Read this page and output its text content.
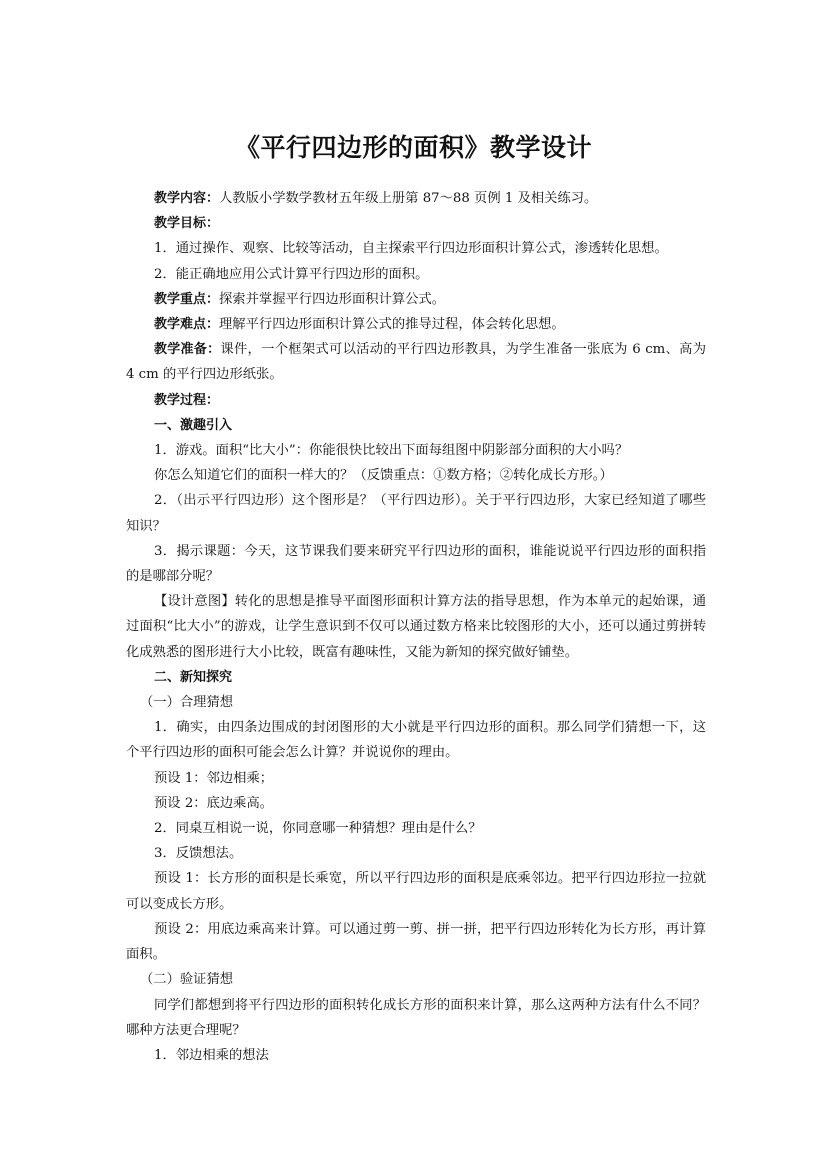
《平行四边形的面积》教学设计

教学内容：人教版小学数学教材五年级上册第 87～88 页例 1 及相关练习。

教学目标：

1．通过操作、观察、比较等活动，自主探索平行四边形面积计算公式，渗透转化思想。

2．能正确地应用公式计算平行四边形的面积。

教学重点：探索并掌握平行四边形面积计算公式。

教学难点：理解平行四边形面积计算公式的推导过程，体会转化思想。

教学准备：课件，一个框架式可以活动的平行四边形教具，为学生准备一张底为 6 cm、高为 4 cm 的平行四边形纸张。

教学过程：

一、激趣引入

1．游戏。面积“比大小”：你能很快比较出下面每组图中阴影部分面积的大小吗？

你怎么知道它们的面积一样大的？（反馈重点：①数方格；②转化成长方形。）

2．（出示平行四边形）这个图形是？（平行四边形）。关于平行四边形，大家已经知道了哪些知识？

3．揭示课题：今天，这节课我们要来研究平行四边形的面积，谁能说说平行四边形的面积指的是哪部分呢？

【设计意图】转化的思想是推导平面图形面积计算方法的指导思想，作为本单元的起始课，通过面积“比大小”的游戏，让学生意识到不仅可以通过数方格来比较图形的大小，还可以通过剪拼转化成熟悉的图形进行大小比较，既富有趣味性，又能为新知的探究做好铺垫。

二、新知探究

（一）合理猜想

1．确实，由四条边围成的封闭图形的大小就是平行四边形的面积。那么同学们猜想一下，这个平行四边形的面积可能会怎么计算？并说说你的理由。

预设 1：邻边相乘；

预设 2：底边乘高。

2．同桌互相说一说，你同意哪一种猜想？理由是什么？

3．反馈想法。

预设 1：长方形的面积是长乘宽，所以平行四边形的面积是底乘邻边。把平行四边形拉一拉就可以变成长方形。

预设 2：用底边乘高来计算。可以通过剪一剪、拼一拼，把平行四边形转化为长方形，再计算面积。

（二）验证猜想

同学们都想到将平行四边形的面积转化成长方形的面积来计算，那么这两种方法有什么不同？哪种方法更合理呢？

1．邻边相乘的想法
